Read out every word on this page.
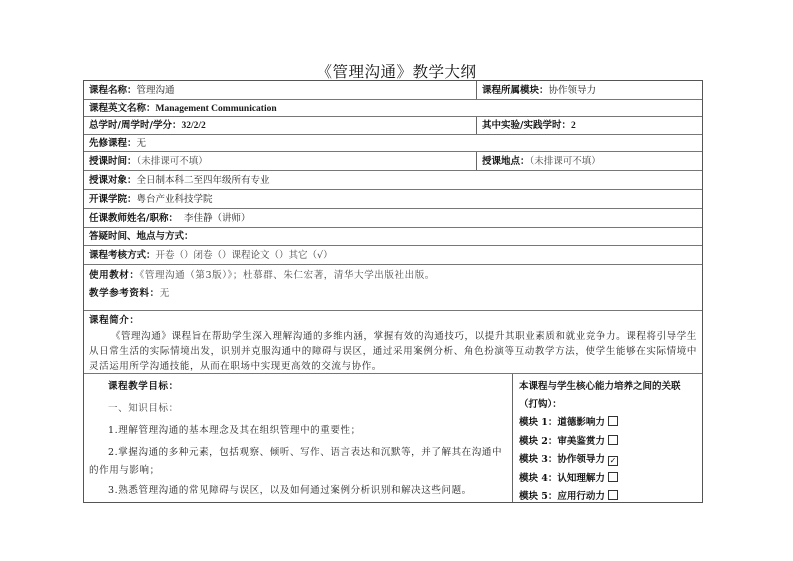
《管理沟通》教学大纲
课程名称：管理沟通	课程所属模块：协作领导力
课程英文名称：Management Communication
总学时/周学时/学分：32/2/2	其中实验/实践学时：2
先修课程：无
授课时间：（未排课可不填）	授课地点：（未排课可不填）
授课对象：全日制本科二至四年级所有专业
开课学院：粤台产业科技学院
任课教师姓名/职称： 李佳静（讲师）
答疑时间、地点与方式：
课程考核方式：开卷（）闭卷（）课程论文（）其它（√）
使用教材：《管理沟通（第3版）》；杜慕群、朱仁宏著，清华大学出版社出版。
教学参考资料：无
课程简介：
《管理沟通》课程旨在帮助学生深入理解沟通的多维内涵，掌握有效的沟通技巧，以提升其职业素质和就业竞争力。课程将引导学生从日常生活的实际情境出发，识别并克服沟通中的障碍与误区，通过采用案例分析、角色扮演等互动教学方法，使学生能够在实际情境中灵活运用所学沟通技能，从而在职场中实现更高效的交流与协作。

课程教学目标：

一、知识目标：

1.理解管理沟通的基本理念及其在组织管理中的重要性；

2.掌握沟通的多种元素，包括观察、倾听、写作、语言表达和沉默等，并了解其在沟通中的作用与影响；

3.熟悉管理沟通的常见障碍与误区，以及如何通过案例分析识别和解决这些问题。

本课程与学生核心能力培养之间的关联（打钩）：
模块 1：道德影响力
模块 2：审美鉴赏力
模块 3：协作领导力 ✓
模块 4：认知理解力
模块 5：应用行动力
